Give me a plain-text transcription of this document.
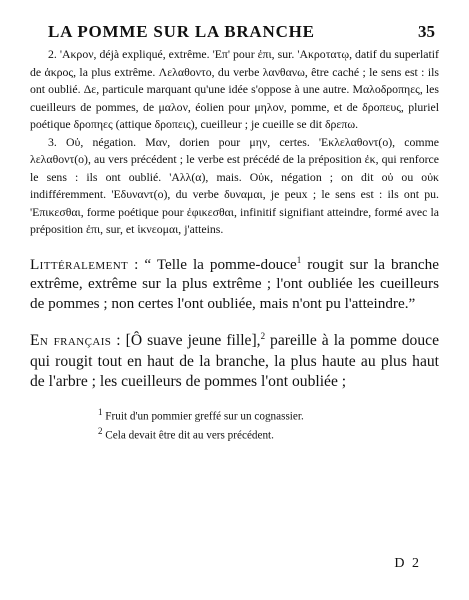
LA POMME SUR LA BRANCHE	35

2. 'Ακρον, déjà expliqué, extrême. 'Επ' pour ἐπι, sur. 'Ακροτατῳ, datif du superlatif de ἀκρος, la plus extrême. Λελαθοντο, du verbe λανθανω, être caché ; le sens est : ils ont oublié. Δε, particule marquant qu'une idée s'oppose à une autre. Μαλοδροπηες, les cueilleurs de pommes, de μαλον, éolien pour μηλον, pomme, et de δροπευς, pluriel poétique δροπηες (attique δροπεις), cueilleur ; je cueille se dit δρεπω.

3. Οὐ, négation. Μαν, dorien pour μην, certes. 'Εκλελαθοντ(ο), comme λελαθοντ(ο), au vers précédent ; le verbe est précédé de la préposition ἐκ, qui renforce le sens : ils ont oublié. 'Αλλ(α), mais. Οὐκ, négation ; on dit οὐ ou οὐκ indifféremment. 'Εδυναντ(ο), du verbe δυναμαι, je peux ; le sens est : ils ont pu. 'Επικεσθαι, forme poétique pour ἐφικεσθαι, infinitif signifiant atteindre, formé avec la préposition ἐπι, sur, et ἱκνεομαι, j'atteins.

Littéralement : “ Telle la pomme-douce$^1$ rougit sur la branche extrême, extrême sur la plus extrême ; l'ont oubliée les cueilleurs de pommes ; non certes l'ont oubliée, mais n'ont pu l'atteindre.”

En français : [Ô suave jeune fille],$^2$ pareille à la pomme douce qui rougit tout en haut de la branche, la plus haute au plus haut de l'arbre ; les cueilleurs de pommes l'ont oubliée ;

$^1$ Fruit d'un pommier greffé sur un cognassier.

$^2$ Cela devait être dit au vers précédent.

D 2
